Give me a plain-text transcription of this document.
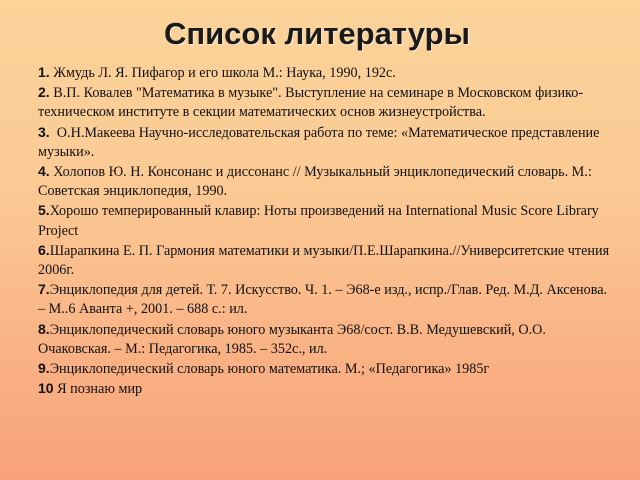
Список литературы
1. Жмудь Л. Я. Пифагор и его школа М.: Наука, 1990, 192с.
2. В.П. Ковалев "Математика в музыке". Выступление на семинаре в Московском физико-техническом институте в секции математических основ жизнеустройства.
3. О.Н.Макеева Научно-исследовательская работа по теме: «Математическое представление музыки».
4. Холопов Ю. Н. Консонанс и диссонанс // Музыкальный энциклопедический словарь. М.: Советская энциклопедия, 1990.
5.Хорошо темперированный клавир: Ноты произведений на International Music Score Library Project
6.Шарапкина Е. П. Гармония математики и музыки/П.Е.Шарапкина.//Университетские чтения 2006г.
7.Энциклопедия для детей. Т. 7. Искусство. Ч. 1. – Э68-е изд., испр./Глав. Ред. М.Д. Аксенова. – М..6 Аванта +, 2001. – 688 с.: ил.
8.Энциклопедический словарь юного музыканта Э68/сост. В.В. Медушевский, О.О. Очаковская. – М.: Педагогика, 1985. – 352с., ил.
9.Энциклопедический словарь юного математика. М.; «Педагогика» 1985г
10 Я познаю мир
